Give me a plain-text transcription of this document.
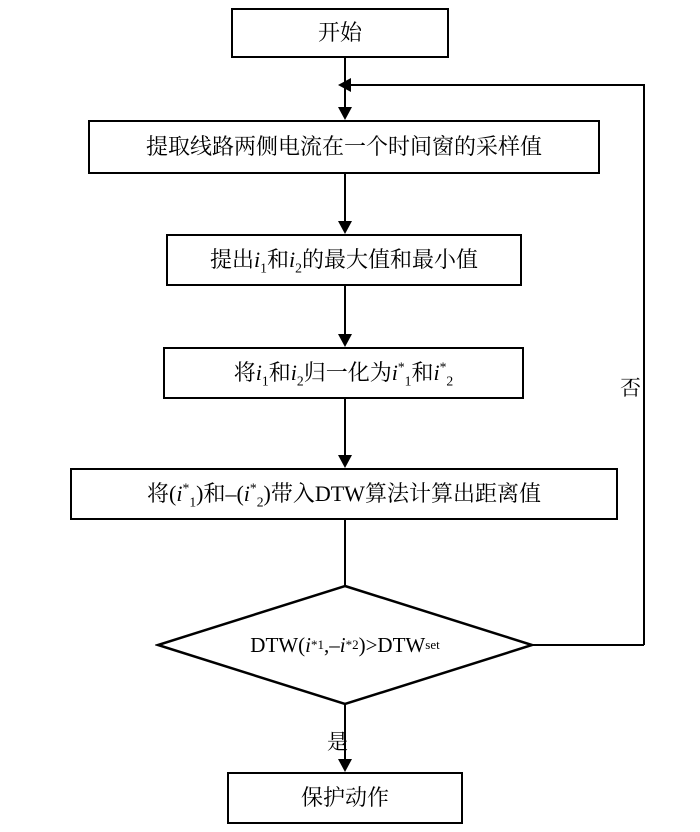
开始
提取线路两侧电流在一个时间窗的采样值
提出$i_1$和$i_2$的最大值和最小值
将$i_1$和$i_2$归一化为$i^*_1$和$i^*_2$
将$(i^*_1)$和$-(i^*_2)$带入DTW算法计算出距离值
DTW( i * 1 ,– i * 2 )>DTW set
否
是
保护动作
